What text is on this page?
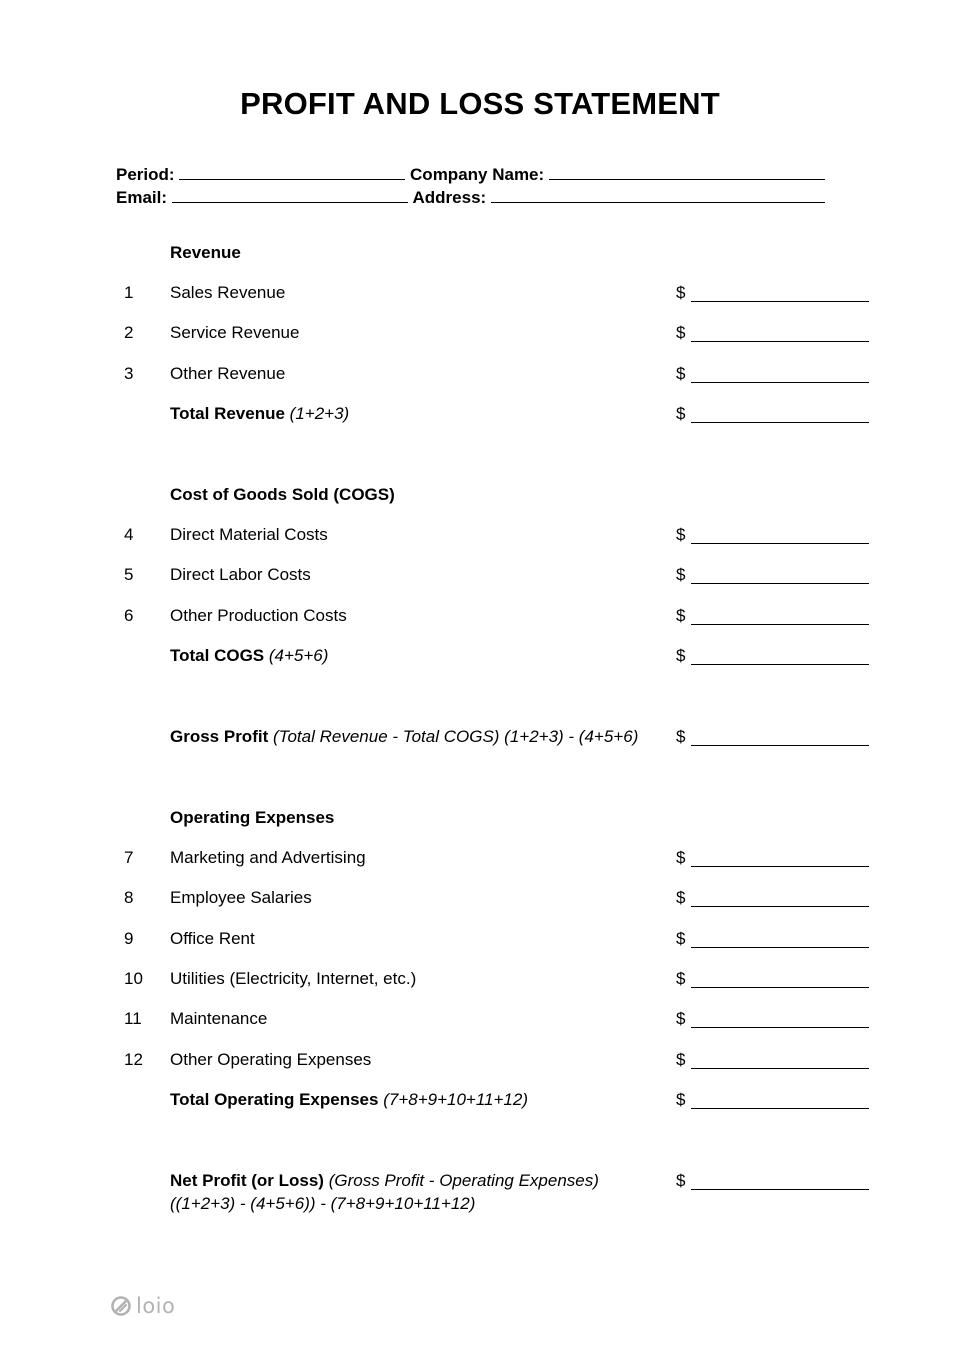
PROFIT AND LOSS STATEMENT
Period:	Company Name:
Email:	Address:
Revenue
1 Sales Revenue	$
2 Service Revenue	$
3 Other Revenue	$
Total Revenue (1+2+3)	$
Cost of Goods Sold (COGS)
4 Direct Material Costs	$
5 Direct Labor Costs	$
6 Other Production Costs	$
Total COGS (4+5+6)	$
Gross Profit (Total Revenue - Total COGS) (1+2+3) - (4+5+6) $
Operating Expenses
7 Marketing and Advertising	$
8 Employee Salaries	$
9 Office Rent	$
10 Utilities (Electricity, Internet, etc.)	$
11 Maintenance	$
12 Other Operating Expenses	$
Total Operating Expenses (7+8+9+10+11+12)	$
Net Profit (or Loss) (Gross Profit - Operating Expenses)	$
((1+2+3) - (4+5+6)) - (7+8+9+10+11+12)
loio
